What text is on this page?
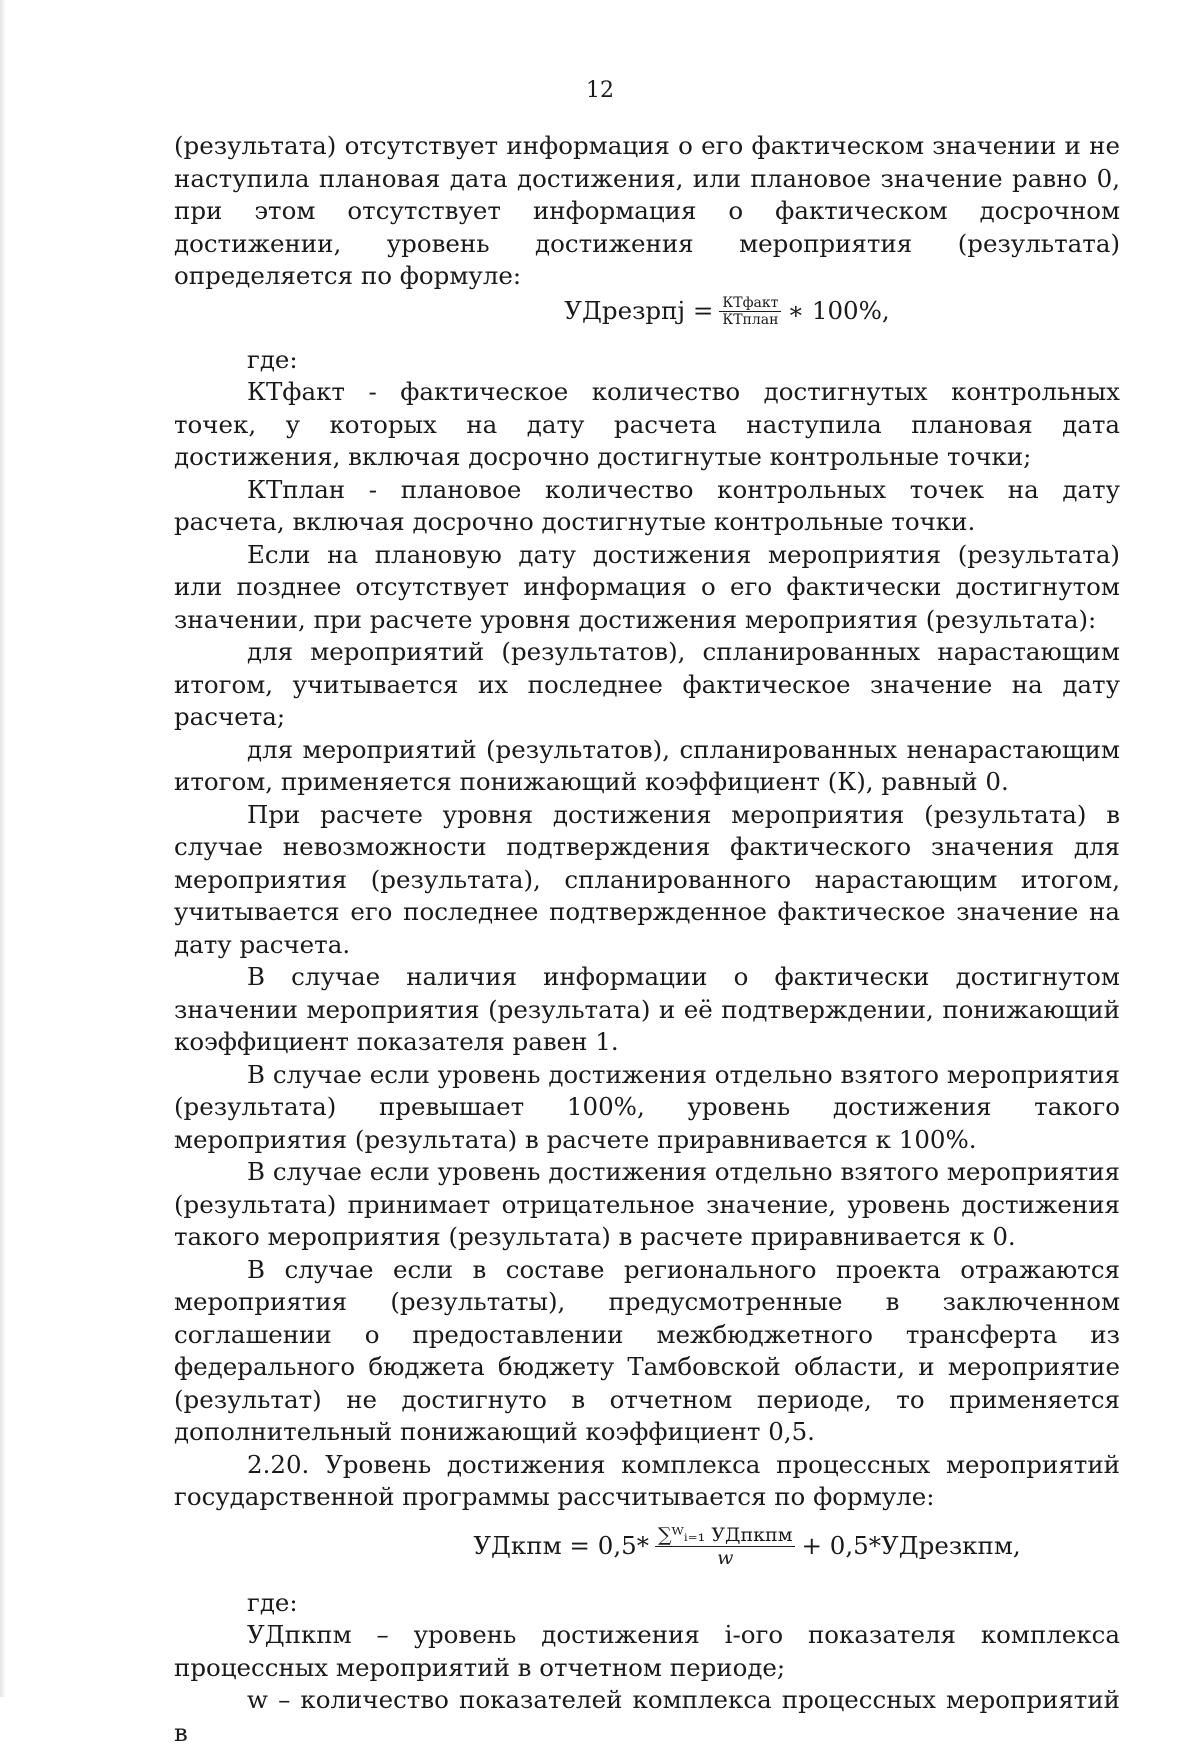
12

(результата) отсутствует информация о его фактическом значении и не наступила плановая дата достижения, или плановое значение равно 0, при этом отсутствует информация о фактическом досрочном достижении, уровень достижения мероприятия (результата) определяется по формуле:

УДрезрпj = $\frac{\text{КТфакт}}{\text{КТплан}}$ ∗ 100%,

где:

КТфакт - фактическое количество достигнутых контрольных точек, у которых на дату расчета наступила плановая дата достижения, включая досрочно достигнутые контрольные точки;

КТплан - плановое количество контрольных точек на дату расчета, включая досрочно достигнутые контрольные точки.

Если на плановую дату достижения мероприятия (результата) или позднее отсутствует информация о его фактически достигнутом значении, при расчете уровня достижения мероприятия (результата):

для мероприятий (результатов), спланированных нарастающим итогом, учитывается их последнее фактическое значение на дату расчета;

для мероприятий (результатов), спланированных ненарастающим итогом, применяется понижающий коэффициент (К), равный 0.

При расчете уровня достижения мероприятия (результата) в случае невозможности подтверждения фактического значения для мероприятия (результата), спланированного нарастающим итогом, учитывается его последнее подтвержденное фактическое значение на дату расчета.

В случае наличия информации о фактически достигнутом значении мероприятия (результата) и её подтверждении, понижающий коэффициент показателя равен 1.

В случае если уровень достижения отдельно взятого мероприятия (результата) превышает 100%, уровень достижения такого мероприятия (результата) в расчете приравнивается к 100%.

В случае если уровень достижения отдельно взятого мероприятия (результата) принимает отрицательное значение, уровень достижения такого мероприятия (результата) в расчете приравнивается к 0.

В случае если в составе регионального проекта отражаются мероприятия (результаты), предусмотренные в заключенном соглашении о предоставлении межбюджетного трансферта из федерального бюджета бюджету Тамбовской области, и мероприятие (результат) не достигнуто в отчетном периоде, то применяется дополнительный понижающий коэффициент 0,5.

2.20. Уровень достижения комплекса процессных мероприятий государственной программы рассчитывается по формуле:

УДкпм = $0,5* \frac{\text{∑ᵂᵢ₌₁ УДпкпм}}{w}$ + 0,5*УДрезкпм,

где:

УДпкпм – уровень достижения i-ого показателя комплекса процессных мероприятий в отчетном периоде;

w – количество показателей комплекса процессных мероприятий в
